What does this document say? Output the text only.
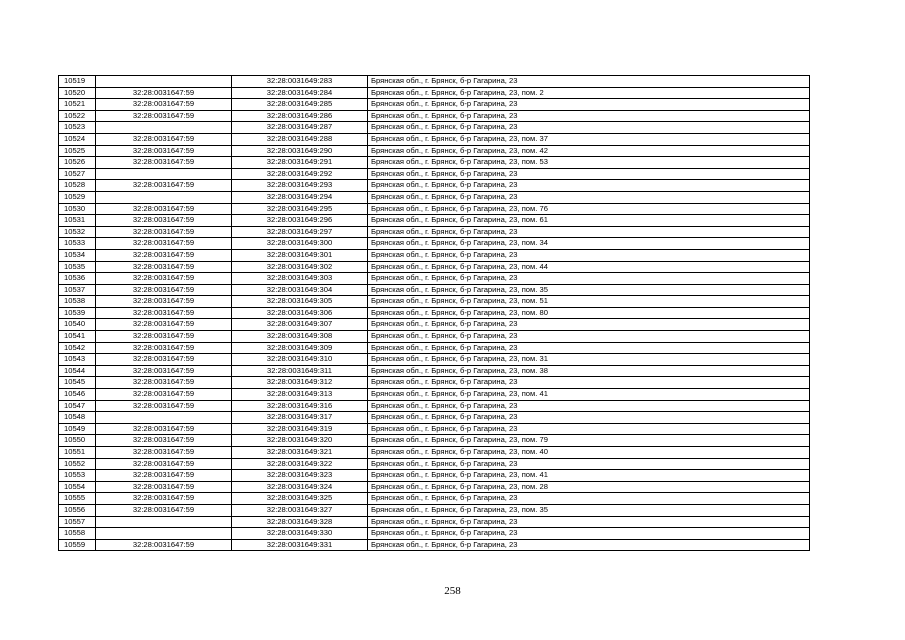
10519		32:28:0031649:283	Брянская обл., г. Брянск, б-р Гагарина, 23
10520	32:28:0031647:59	32:28:0031649:284	Брянская обл., г. Брянск, б-р Гагарина, 23, пом. 2
10521	32:28:0031647:59	32:28:0031649:285	Брянская обл., г. Брянск, б-р Гагарина, 23
10522	32:28:0031647:59	32:28:0031649:286	Брянская обл., г. Брянск, б-р Гагарина, 23
10523		32:28:0031649:287	Брянская обл., г. Брянск, б-р Гагарина, 23
10524	32:28:0031647:59	32:28:0031649:288	Брянская обл., г. Брянск, б-р Гагарина, 23, пом. 37
10525	32:28:0031647:59	32:28:0031649:290	Брянская обл., г. Брянск, б-р Гагарина, 23, пом. 42
10526	32:28:0031647:59	32:28:0031649:291	Брянская обл., г. Брянск, б-р Гагарина, 23, пом. 53
10527		32:28:0031649:292	Брянская обл., г. Брянск, б-р Гагарина, 23
10528	32:28:0031647:59	32:28:0031649:293	Брянская обл., г. Брянск, б-р Гагарина, 23
10529		32:28:0031649:294	Брянская обл., г. Брянск, б-р Гагарина, 23
10530	32:28:0031647:59	32:28:0031649:295	Брянская обл., г. Брянск, б-р Гагарина, 23, пом. 76
10531	32:28:0031647:59	32:28:0031649:296	Брянская обл., г. Брянск, б-р Гагарина, 23, пом. 61
10532	32:28:0031647:59	32:28:0031649:297	Брянская обл., г. Брянск, б-р Гагарина, 23
10533	32:28:0031647:59	32:28:0031649:300	Брянская обл., г. Брянск, б-р Гагарина, 23, пом. 34
10534	32:28:0031647:59	32:28:0031649:301	Брянская обл., г. Брянск, б-р Гагарина, 23
10535	32:28:0031647:59	32:28:0031649:302	Брянская обл., г. Брянск, б-р Гагарина, 23, пом. 44
10536	32:28:0031647:59	32:28:0031649:303	Брянская обл., г. Брянск, б-р Гагарина, 23
10537	32:28:0031647:59	32:28:0031649:304	Брянская обл., г. Брянск, б-р Гагарина, 23, пом. 35
10538	32:28:0031647:59	32:28:0031649:305	Брянская обл., г. Брянск, б-р Гагарина, 23, пом. 51
10539	32:28:0031647:59	32:28:0031649:306	Брянская обл., г. Брянск, б-р Гагарина, 23, пом. 80
10540	32:28:0031647:59	32:28:0031649:307	Брянская обл., г. Брянск, б-р Гагарина, 23
10541	32:28:0031647:59	32:28:0031649:308	Брянская обл., г. Брянск, б-р Гагарина, 23
10542	32:28:0031647:59	32:28:0031649:309	Брянская обл., г. Брянск, б-р Гагарина, 23
10543	32:28:0031647:59	32:28:0031649:310	Брянская обл., г. Брянск, б-р Гагарина, 23, пом. 31
10544	32:28:0031647:59	32:28:0031649:311	Брянская обл., г. Брянск, б-р Гагарина, 23, пом. 38
10545	32:28:0031647:59	32:28:0031649:312	Брянская обл., г. Брянск, б-р Гагарина, 23
10546	32:28:0031647:59	32:28:0031649:313	Брянская обл., г. Брянск, б-р Гагарина, 23, пом. 41
10547	32:28:0031647:59	32:28:0031649:316	Брянская обл., г. Брянск, б-р Гагарина, 23
10548		32:28:0031649:317	Брянская обл., г. Брянск, б-р Гагарина, 23
10549	32:28:0031647:59	32:28:0031649:319	Брянская обл., г. Брянск, б-р Гагарина, 23
10550	32:28:0031647:59	32:28:0031649:320	Брянская обл., г. Брянск, б-р Гагарина, 23, пом. 79
10551	32:28:0031647:59	32:28:0031649:321	Брянская обл., г. Брянск, б-р Гагарина, 23, пом. 40
10552	32:28:0031647:59	32:28:0031649:322	Брянская обл., г. Брянск, б-р Гагарина, 23
10553	32:28:0031647:59	32:28:0031649:323	Брянская обл., г. Брянск, б-р Гагарина, 23, пом. 41
10554	32:28:0031647:59	32:28:0031649:324	Брянская обл., г. Брянск, б-р Гагарина, 23, пом. 28
10555	32:28:0031647:59	32:28:0031649:325	Брянская обл., г. Брянск, б-р Гагарина, 23
10556	32:28:0031647:59	32:28:0031649:327	Брянская обл., г. Брянск, б-р Гагарина, 23, пом. 35
10557		32:28:0031649:328	Брянская обл., г. Брянск, б-р Гагарина, 23
10558		32:28:0031649:330	Брянская обл., г. Брянск, б-р Гагарина, 23
10559	32:28:0031647:59	32:28:0031649:331	Брянская обл., г. Брянск, б-р Гагарина, 23
258
